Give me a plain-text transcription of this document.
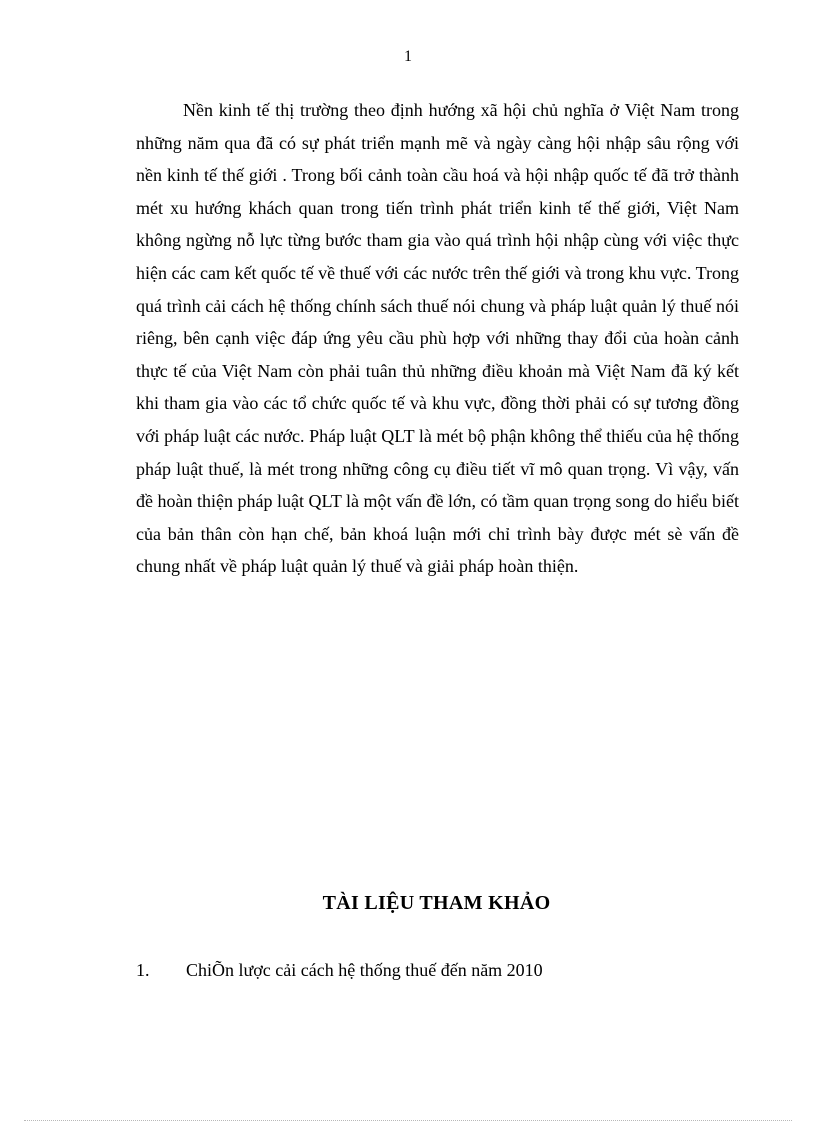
1

Nền kinh tế thị trường theo định hướng xã hội chủ nghĩa ở Việt Nam trong những năm qua đã có sự phát triển mạnh mẽ và ngày càng hội nhập sâu rộng với nền kinh tế thế giới . Trong bối cảnh toàn cầu hoá và hội nhập quốc tế đã trở thành mét xu hướng khách quan trong tiến trình phát triển kinh tế thế giới, Việt Nam không ngừng nỗ lực từng bước tham gia vào quá trình hội nhập cùng với việc thực hiện các cam kết quốc tế về thuế với các nước trên thế giới và trong khu vực. Trong quá trình cải cách hệ thống chính sách thuế nói chung và pháp luật quản lý thuế nói riêng, bên cạnh việc đáp ứng yêu cầu phù hợp với những thay đổi của hoàn cảnh thực tế của Việt Nam còn phải tuân thủ những điều khoản mà Việt Nam đã ký kết khi tham gia vào các tổ chức quốc tế và khu vực, đồng thời phải có sự tương đồng với pháp luật các nước. Pháp luật QLT là mét bộ phận không thể thiếu của hệ thống pháp luật thuế, là mét trong những công cụ điều tiết vĩ mô quan trọng. Vì vậy, vấn đề hoàn thiện pháp luật QLT là một vấn đề lớn, có tầm quan trọng song do hiểu biết của bản thân còn hạn chế, bản khoá luận mới chỉ trình bày được mét sè vấn đề chung nhất về pháp luật quản lý thuế và giải pháp hoàn thiện.

TÀI LIỆU THAM KHẢO
1.	ChiÕn lược cải cách hệ thống thuế đến năm 2010
